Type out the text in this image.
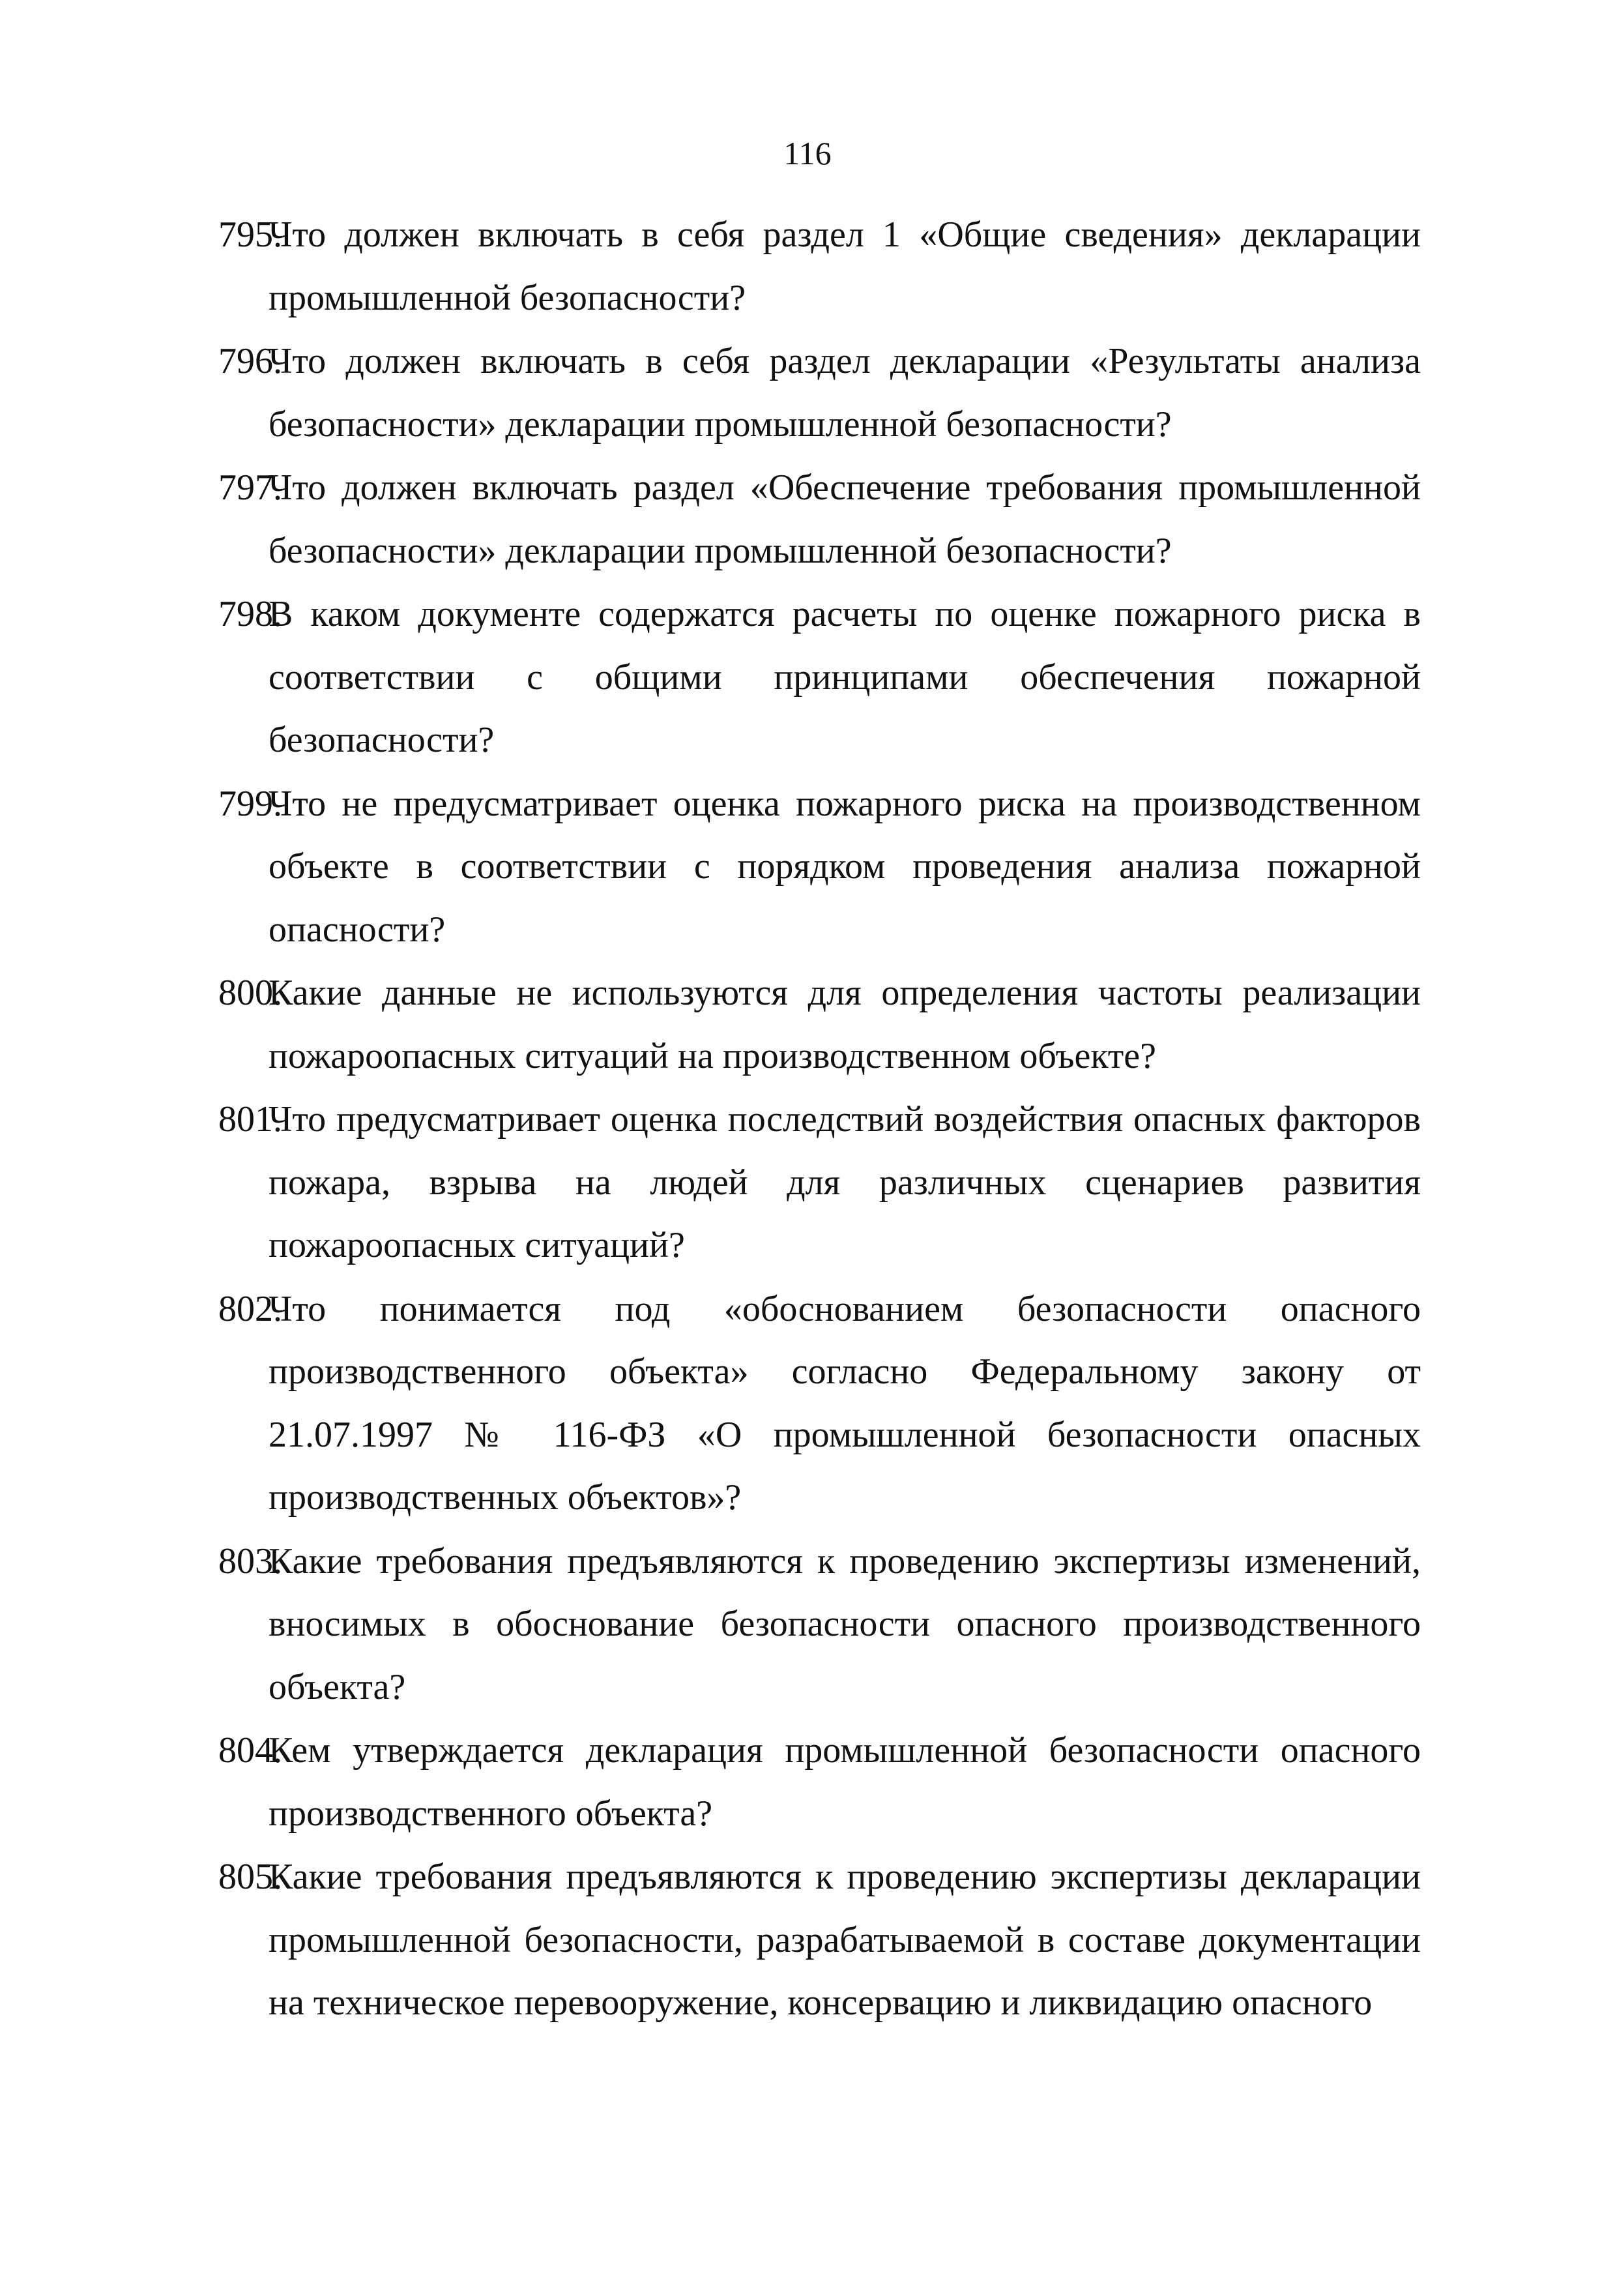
116
795.
Что должен включать в себя раздел 1 «Общие сведения» декларации промышленной безопасности?
796.
Что должен включать в себя раздел декларации «Результаты анализа безопасности» декларации промышленной безопасности?
797.
Что должен включать раздел «Обеспечение требования промышленной безопасности» декларации промышленной безопасности?
798.
В каком документе содержатся расчеты по оценке пожарного риска в соответствии с общими принципами обеспечения пожарной безопасности?
799.
Что не предусматривает оценка пожарного риска на производственном объекте в соответствии с порядком проведения анализа пожарной опасности?
800.
Какие данные не используются для определения частоты реализации пожароопасных ситуаций на производственном объекте?
801.
Что предусматривает оценка последствий воздействия опасных факторов пожара, взрыва на людей для различных сценариев развития пожароопасных ситуаций?
802.
Что понимается под «обоснованием безопасности опасного производственного объекта» согласно Федеральному закону от 21.07.1997 № 116-ФЗ «О промышленной безопасности опасных производственных объектов»?
803.
Какие требования предъявляются к проведению экспертизы изменений, вносимых в обоснование безопасности опасного производственного объекта?
804.
Кем утверждается декларация промышленной безопасности опасного производственного объекта?
805.
Какие требования предъявляются к проведению экспертизы декларации промышленной безопасности, разрабатываемой в составе документации на техническое перевооружение, консервацию и ликвидацию опасного
